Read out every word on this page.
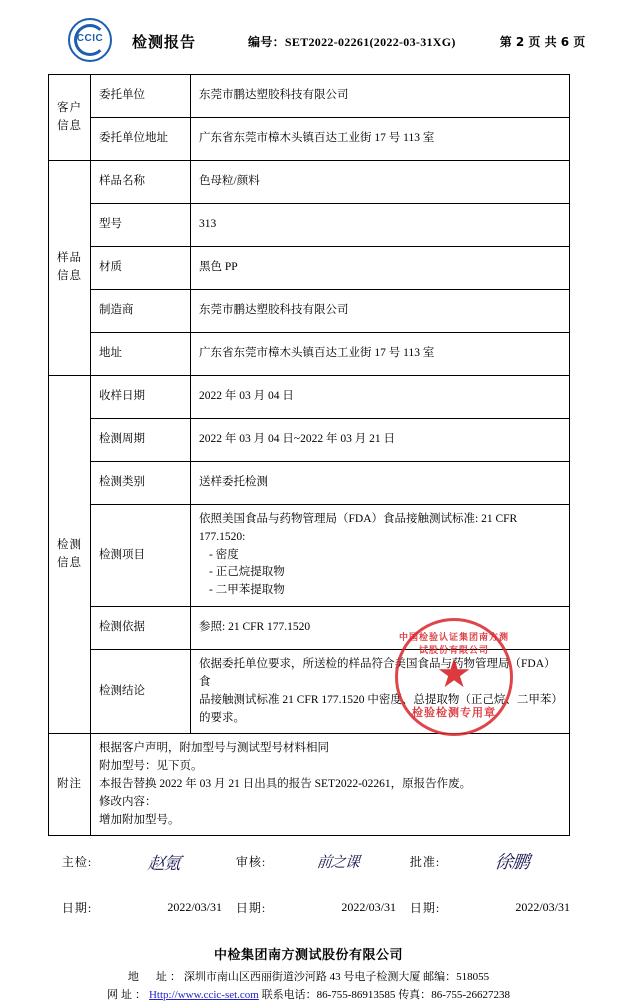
CCIC	检测报告	编号：SET2022-02261(2022-03-31XG)	第 2 页 共 6 页
客户信息	委托单位	东莞市鹏达塑胶科技有限公司
	委托单位地址	广东省东莞市樟木头镇百达工业街 17 号 113 室

样品信息	样品名称	色母粒/颜料
	型号	313
	材质	黑色 PP
	制造商	东莞市鹏达塑胶科技有限公司
	地址	广东省东莞市樟木头镇百达工业街 17 号 113 室

检测信息	收样日期	2022 年 03 月 04 日
	检测周期	2022 年 03 月 04 日~2022 年 03 月 21 日
	检测类别	送样委托检测
	检测项目	依照美国食品与药物管理局（FDA）食品接触测试标准: 21 CFR
177.1520:
- 密度
- 正己烷提取物
- 二甲苯提取物

	检测依据	参照: 21 CFR 177.1520
	检测结论	依据委托单位要求，所送检的样品符合美国食品与药物管理局（FDA）食
品接触测试标准 21 CFR 177.1520 中密度、总提取物（正己烷、二甲苯）
的要求。

附注	根据客户声明，附加型号与测试型号材料相同
附加型号：见下页。
本报告替换 2022 年 03 月 21 日出具的报告 SET2022-02261，原报告作废。
修改内容：
增加附加型号。	
中国检验认证集团南方测试股份有限公司
★
检验检测专用章
主检:	赵氪	审核:	前之课	批准:	徐鹏
日期:	2022/03/31	日期:	2022/03/31	日期:	2022/03/31
中检集团南方测试股份有限公司
地　址：深圳市南山区西丽街道沙河路 43 号电子检测大厦 邮编：518055
网址：Http://www.ccic-set.com 联系电话：86-755-86913585 传真：86-755-26627238
